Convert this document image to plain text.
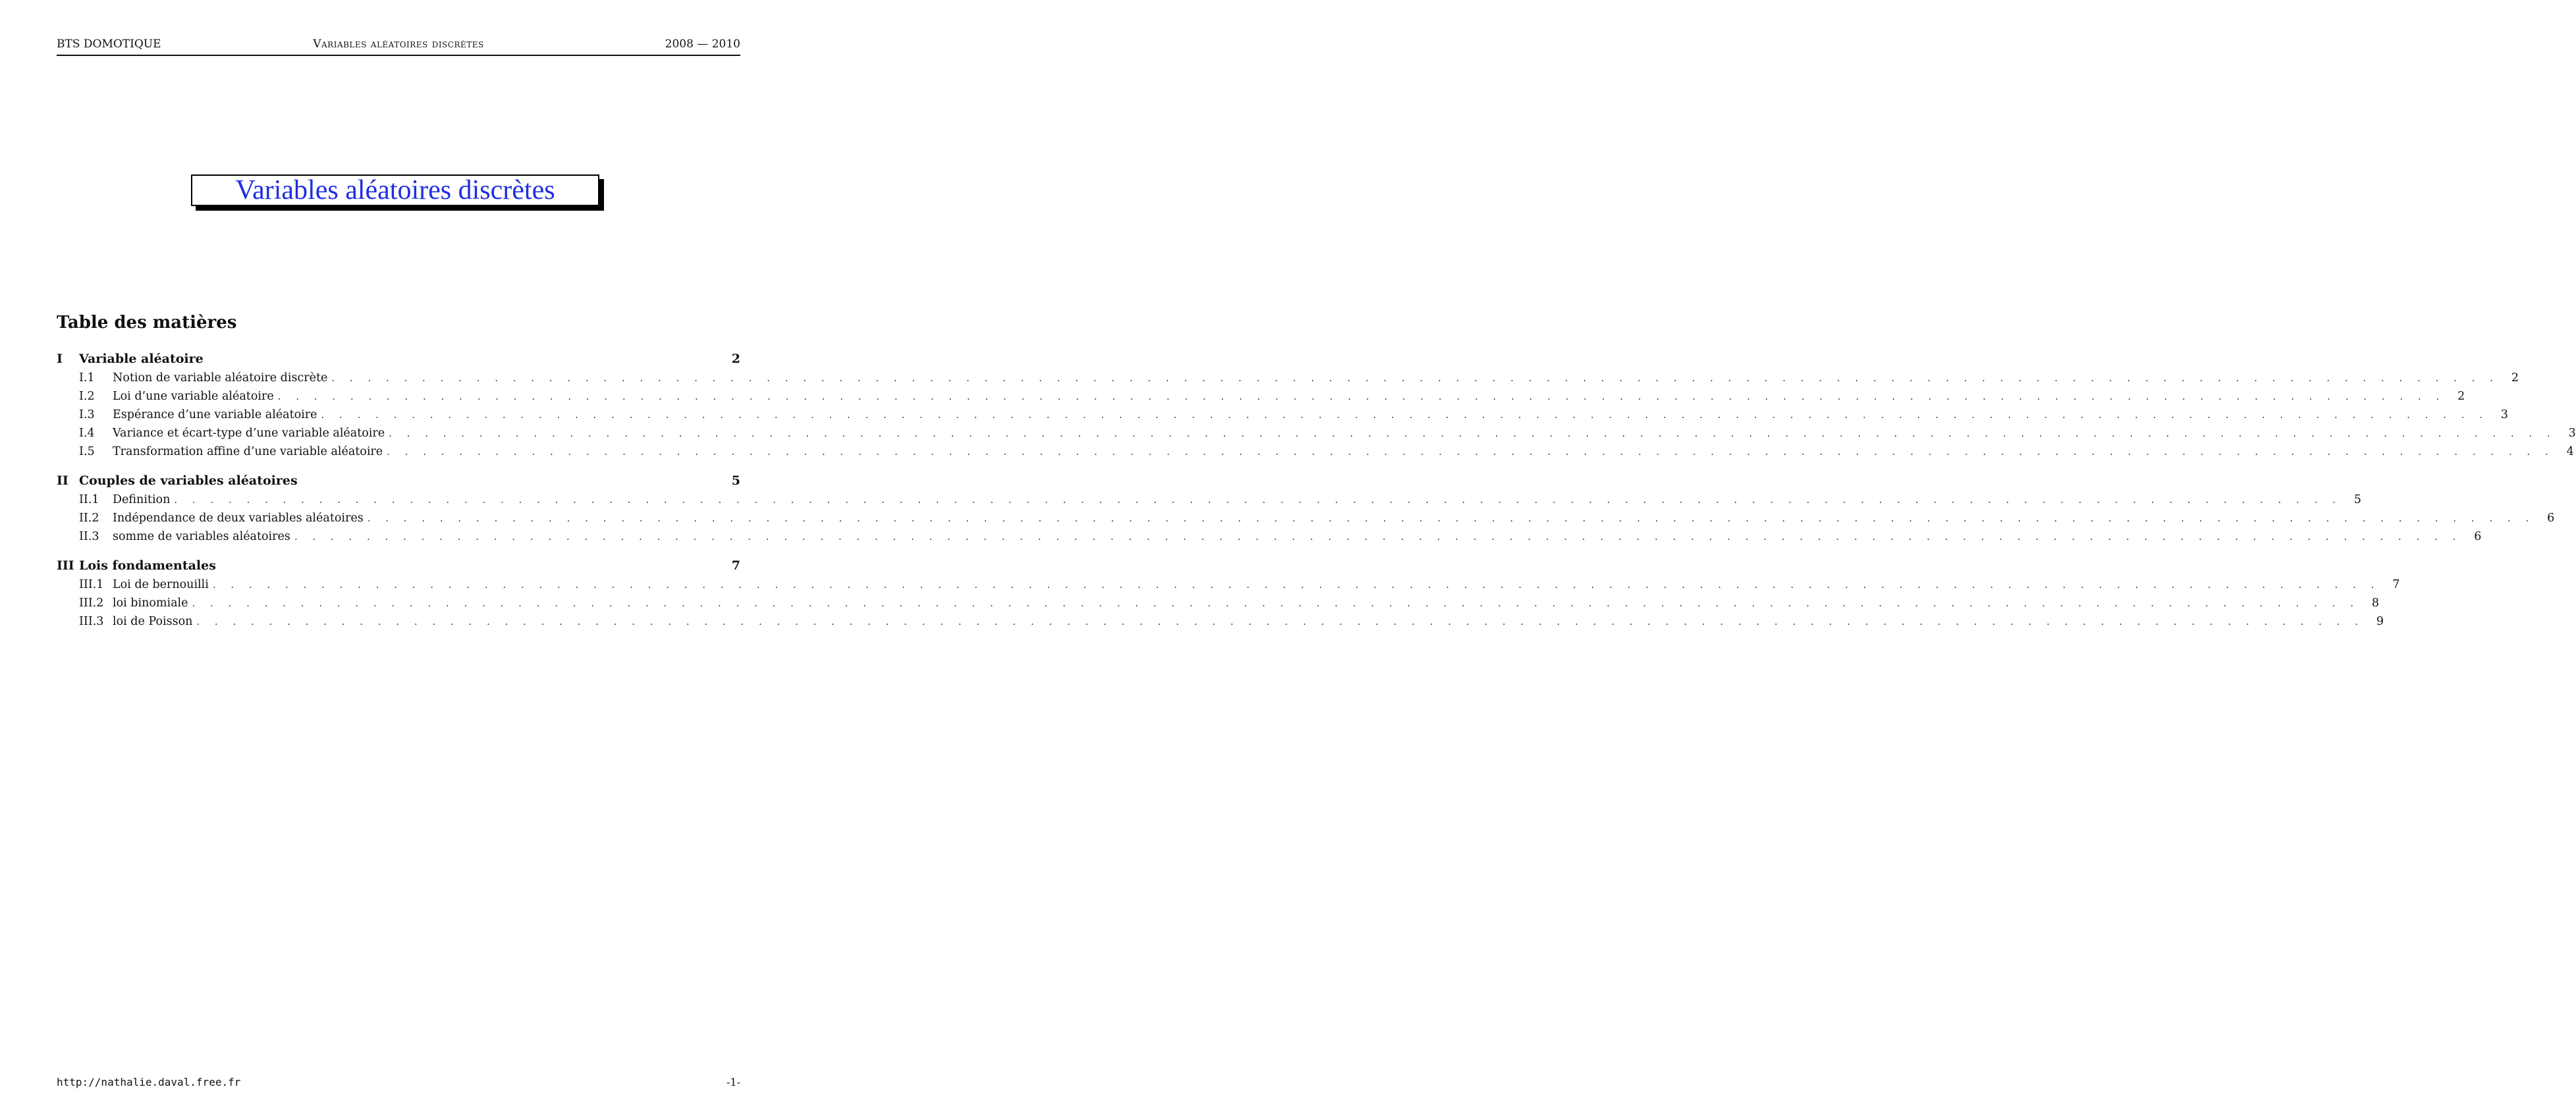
BTS DOMOTIQUE	Variables aléatoires discrètes	2008 — 2010
Variables aléatoires discrètes
Table des matières
I	Variable aléatoire	2
I.1	Notion de variable aléatoire discrète . . . . . . . . . . . . . . . . . . . . . . . . . . . . . . . . . . . . . . . . . . . . . . . . . . . . . . . . . . . . . . . . . . . . . . . . . . . . . . . . . . . . . . . . . . . . . . . . . . . . . . . . . . . . . . . . . . . . . . . .	2
I.2	Loi d’une variable aléatoire . . . . . . . . . . . . . . . . . . . . . . . . . . . . . . . . . . . . . . . . . . . . . . . . . . . . . . . . . . . . . . . . . . . . . . . . . . . . . . . . . . . . . . . . . . . . . . . . . . . . . . . . . . . . . . . . . . . . . . . .	2
I.3	Espérance d’une variable aléatoire . . . . . . . . . . . . . . . . . . . . . . . . . . . . . . . . . . . . . . . . . . . . . . . . . . . . . . . . . . . . . . . . . . . . . . . . . . . . . . . . . . . . . . . . . . . . . . . . . . . . . . . . . . . . . . . . . . . . . . . .	3
I.4	Variance et écart-type d’une variable aléatoire . . . . . . . . . . . . . . . . . . . . . . . . . . . . . . . . . . . . . . . . . . . . . . . . . . . . . . . . . . . . . . . . . . . . . . . . . . . . . . . . . . . . . . . . . . . . . . . . . . . . . . . . . . . . . . . . . . . . . . . .	3
I.5	Transformation affine d’une variable aléatoire . . . . . . . . . . . . . . . . . . . . . . . . . . . . . . . . . . . . . . . . . . . . . . . . . . . . . . . . . . . . . . . . . . . . . . . . . . . . . . . . . . . . . . . . . . . . . . . . . . . . . . . . . . . . . . . . . . . . . . . .	4
II Couples de variables aléatoires	5
II.1	Definition . . . . . . . . . . . . . . . . . . . . . . . . . . . . . . . . . . . . . . . . . . . . . . . . . . . . . . . . . . . . . . . . . . . . . . . . . . . . . . . . . . . . . . . . . . . . . . . . . . . . . . . . . . . . . . . . . . . . . . . .	5
II.2	Indépendance de deux variables aléatoires . . . . . . . . . . . . . . . . . . . . . . . . . . . . . . . . . . . . . . . . . . . . . . . . . . . . . . . . . . . . . . . . . . . . . . . . . . . . . . . . . . . . . . . . . . . . . . . . . . . . . . . . . . . . . . . . . . . . . . . .	6
II.3	somme de variables aléatoires . . . . . . . . . . . . . . . . . . . . . . . . . . . . . . . . . . . . . . . . . . . . . . . . . . . . . . . . . . . . . . . . . . . . . . . . . . . . . . . . . . . . . . . . . . . . . . . . . . . . . . . . . . . . . . . . . . . . . . . .	6
III Lois fondamentales	7
III.1 Loi de bernouilli . . . . . . . . . . . . . . . . . . . . . . . . . . . . . . . . . . . . . . . . . . . . . . . . . . . . . . . . . . . . . . . . . . . . . . . . . . . . . . . . . . . . . . . . . . . . . . . . . . . . . . . . . . . . . . . . . . . . . . . .	7
III.2 loi binomiale . . . . . . . . . . . . . . . . . . . . . . . . . . . . . . . . . . . . . . . . . . . . . . . . . . . . . . . . . . . . . . . . . . . . . . . . . . . . . . . . . . . . . . . . . . . . . . . . . . . . . . . . . . . . . . . . . . . . . . . .	8
III.3 loi de Poisson . . . . . . . . . . . . . . . . . . . . . . . . . . . . . . . . . . . . . . . . . . . . . . . . . . . . . . . . . . . . . . . . . . . . . . . . . . . . . . . . . . . . . . . . . . . . . . . . . . . . . . . . . . . . . . . . . . . . . . . .	9
http://nathalie.daval.free.fr	-1-
